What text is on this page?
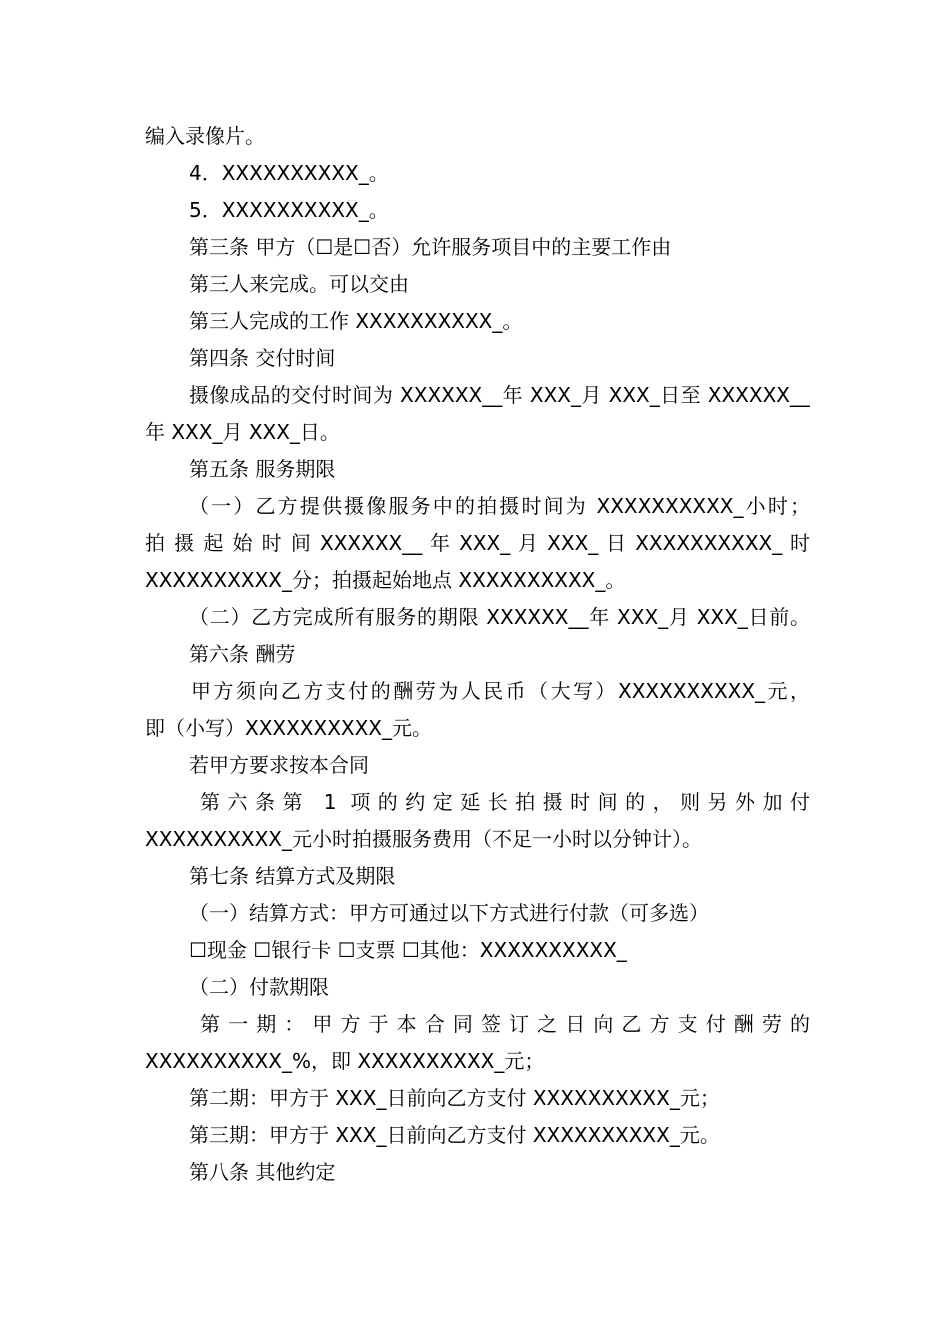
编入录像片。
4．XXXXXXXXXX_。
5．XXXXXXXXXX_。
第三条 甲方（☐是☐否）允许服务项目中的主要工作由
第三人来完成。可以交由
第三人完成的工作 XXXXXXXXXX_。
第四条 交付时间
摄像成品的交付时间为 XXXXXX__年 XXX_月 XXX_日至 XXXXXX__
年 XXX_月 XXX_日。
第五条 服务期限
（一）乙方提供摄像服务中的拍摄时间为 XXXXXXXXXX_小时；
拍 摄 起 始 时 间 XXXXXX__ 年 XXX_ 月 XXX_ 日 XXXXXXXXXX_ 时
XXXXXXXXXX_分；拍摄起始地点 XXXXXXXXXX_。
（二）乙方完成所有服务的期限 XXXXXX__年 XXX_月 XXX_日前。
第六条 酬劳
甲方须向乙方支付的酬劳为人民币（大写）XXXXXXXXXX_元，
即（小写）XXXXXXXXXX_元。
若甲方要求按本合同
第六条第 1 项的约定延长拍摄时间的，则另外加付
XXXXXXXXXX_元小时拍摄服务费用（不足一小时以分钟计）。
第七条 结算方式及期限
（一）结算方式：甲方可通过以下方式进行付款（可多选）
☐现金 ☐银行卡 ☐支票 ☐其他：XXXXXXXXXX_
（二）付款期限
第一期：甲方于本合同签订之日向乙方支付酬劳的
XXXXXXXXXX_%，即 XXXXXXXXXX_元；
第二期：甲方于 XXX_日前向乙方支付 XXXXXXXXXX_元；
第三期：甲方于 XXX_日前向乙方支付 XXXXXXXXXX_元。
第八条 其他约定
